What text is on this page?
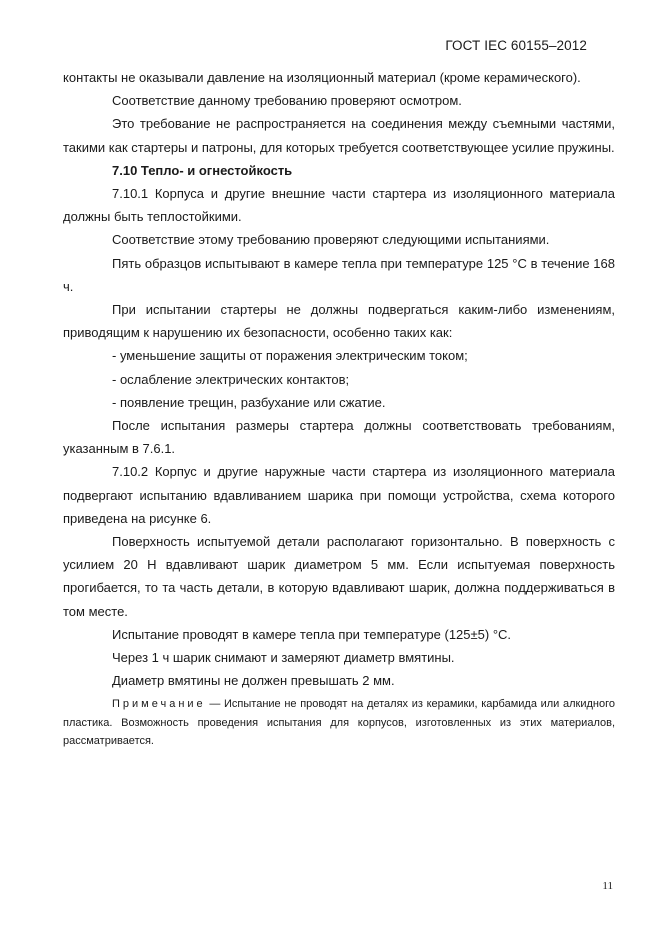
ГОСТ IEC 60155–2012

контакты не оказывали давление на изоляционный материал (кроме керамического).

Соответствие данному требованию проверяют осмотром.

Это требование не распространяется на соединения между съемными частями, такими как стартеры и патроны, для которых требуется соответствующее усилие пружины.

7.10 Тепло- и огнестойкость

7.10.1 Корпуса и другие внешние части стартера из изоляционного материала должны быть теплостойкими.

Соответствие этому требованию проверяют следующими испытаниями.

Пять образцов испытывают в камере тепла при температуре 125 °С в течение 168 ч.

При испытании стартеры не должны подвергаться каким-либо изменениям, приводящим к нарушению их безопасности, особенно таких как:

- уменьшение защиты от поражения электрическим током;

- ослабление электрических контактов;

- появление трещин, разбухание или сжатие.

После испытания размеры стартера должны соответствовать требованиям, указанным в 7.6.1.

7.10.2 Корпус и другие наружные части стартера из изоляционного материала подвергают испытанию вдавливанием шарика при помощи устройства, схема которого приведена на рисунке 6.

Поверхность испытуемой детали располагают горизонтально. В поверхность с усилием 20 Н вдавливают шарик диаметром 5 мм. Если испытуемая поверхность прогибается, то та часть детали, в которую вдавливают шарик, должна поддерживаться в том месте.

Испытание проводят в камере тепла при температуре (125±5) °С.

Через 1 ч шарик снимают и замеряют диаметр вмятины.

Диаметр вмятины не должен превышать 2 мм.

Примечание — Испытание не проводят на деталях из керамики, карбамида или алкидного пластика. Возможность проведения испытания для корпусов, изготовленных из этих материалов, рассматривается.

11
